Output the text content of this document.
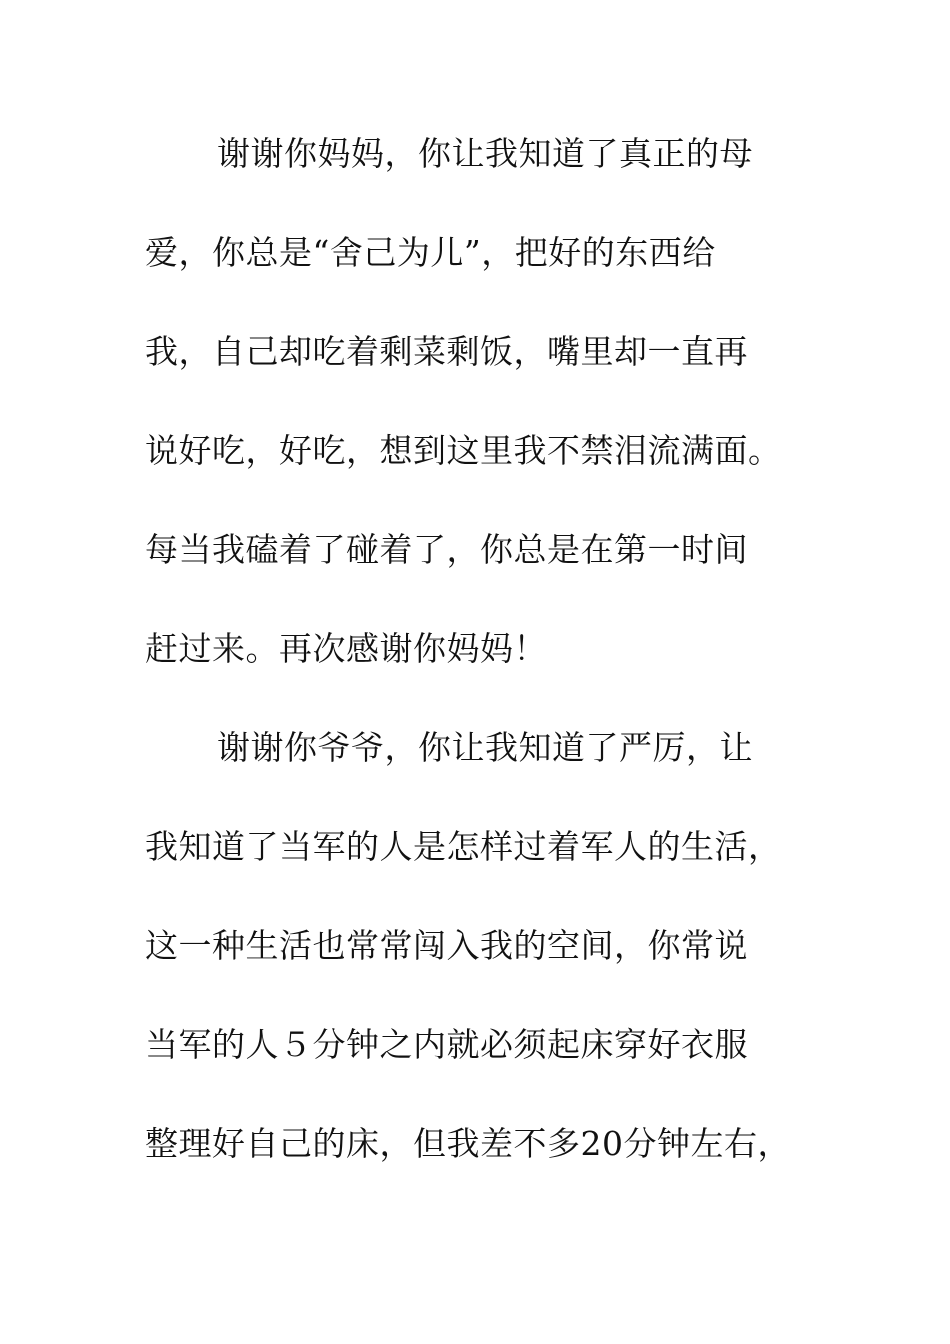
谢谢你妈妈，你让我知道了真正的母

爱，你总是“舍己为儿”，把好的东西给

我，自己却吃着剩菜剩饭，嘴里却一直再

说好吃，好吃，想到这里我不禁泪流满面。

每当我磕着了碰着了，你总是在第一时间

赶过来。再次感谢你妈妈！

谢谢你爷爷，你让我知道了严厉，让

我知道了当军的人是怎样过着军人的生活，

这一种生活也常常闯入我的空间，你常说

当军的人５分钟之内就必须起床穿好衣服

整理好自己的床，但我差不多20分钟左右，
